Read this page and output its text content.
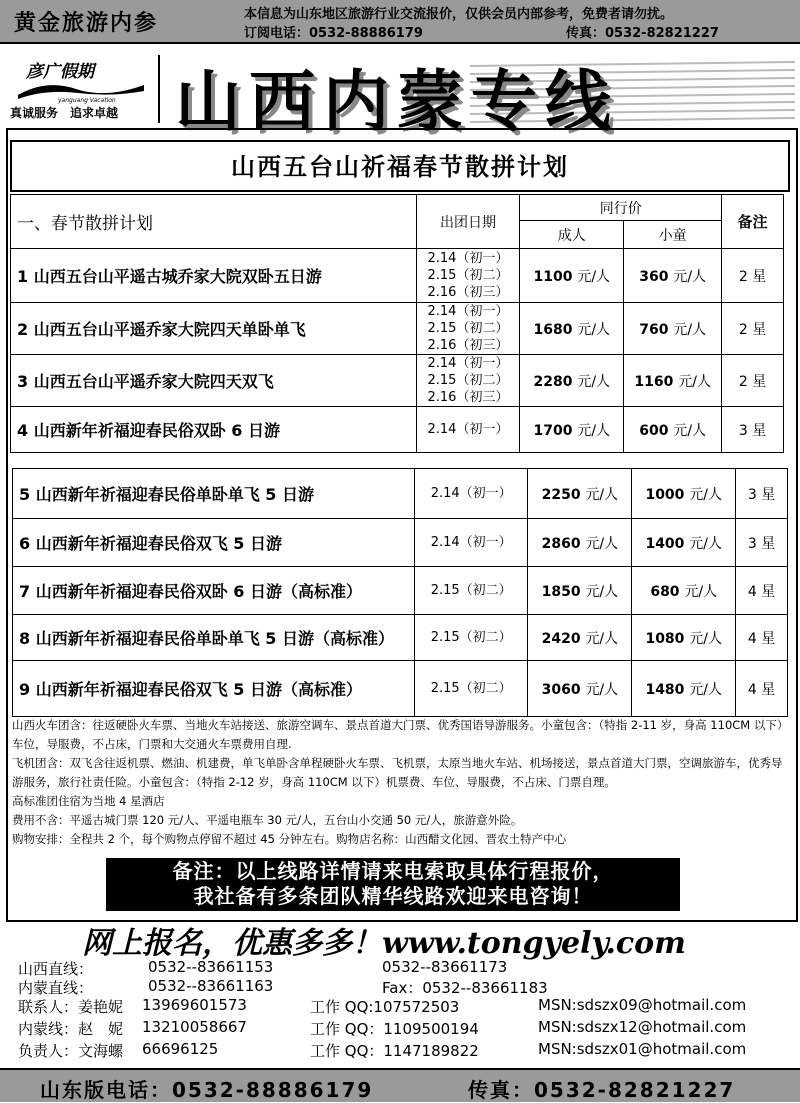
黄金旅游内参	本信息为山东地区旅游行业交流报价，仅供会员内部参考，免费者请勿扰。
订阅电话：0532-88886179	传真：0532-82821227
彦广假期
yanguang Vacation
真诚服务　追求卓越 山西内蒙专线
山西五台山祈福春节散拼计划
一、春节散拼计划	出团日期	同行价		备注
		成人	小童	
1 山西五台山平遥古城乔家大院双卧五日游	2.14（初一）
2.15（初二）
2.16（初三）	1100 元/人	360 元/人	2 星
2 山西五台山平遥乔家大院四天单卧单飞	2.14（初一）
2.15（初二）
2.16（初三）	1680 元/人	760 元/人	2 星
3 山西五台山平遥乔家大院四天双飞	2.14（初一）
2.15（初二）
2.16（初三）	2280 元/人	1160 元/人	2 星
4 山西新年祈福迎春民俗双卧 6 日游	2.14（初一）	1700 元/人	600 元/人	3 星
5 山西新年祈福迎春民俗单卧单飞 5 日游	2.14（初一）	2250 元/人	1000 元/人	3 星
6 山西新年祈福迎春民俗双飞 5 日游	2.14（初一）	2860 元/人	1400 元/人	3 星
7 山西新年祈福迎春民俗双卧 6 日游（高标准）	2.15（初二）	1850 元/人	680 元/人	4 星
8 山西新年祈福迎春民俗单卧单飞 5 日游（高标准）	2.15（初二）	2420 元/人	1080 元/人	4 星
9 山西新年祈福迎春民俗双飞 5 日游（高标准）	2.15（初二）	3060 元/人	1480 元/人	4 星

山西火车团含：往返硬卧火车票、当地火车站接送、旅游空调车、景点首道大门票、优秀国语导游服务。小童包含：（特指 2-11 岁，身高 110CM 以下）车位，导服费，不占床，门票和大交通火车票费用自理.

飞机团含：双飞含往返机票、燃油、机建费，单飞单卧含单程硬卧火车票、飞机票，太原当地火车站、机场接送，景点首道大门票，空调旅游车，优秀导游服务，旅行社责任险。小童包含：（特指 2-12 岁，身高 110CM 以下）机票费、车位、导服费，不占床、门票自理。

高标准团住宿为当地 4 星酒店

费用不含：平遥古城门票 120 元/人、平遥电瓶车 30 元/人，五台山小交通 50 元/人，旅游意外险。

购物安排：全程共 2 个，每个购物点停留不超过 45 分钟左右。购物店名称：山西醋文化园、晋农土特产中心

备注：以上线路详情请来电索取具体行程报价，
我社备有多条团队精华线路欢迎来电咨询！
网上报名，优惠多多！www.tongyely.com
山西直线：	0532--83661153	0532--83661173
内蒙直线：	0532--83661163	Fax：0532--83661183
联系人：姜艳妮 13969601573	工作 QQ:107572503	MSN:sdszx09@hotmail.com
内蒙线：赵　妮 13210058667	工作 QQ：1109500194	MSN:sdszx12@hotmail.com
负责人：文海螺 66696125	工作 QQ：1147189822	MSN:sdszx01@hotmail.com
山东版电话：0532-88886179	传真：0532-82821227
